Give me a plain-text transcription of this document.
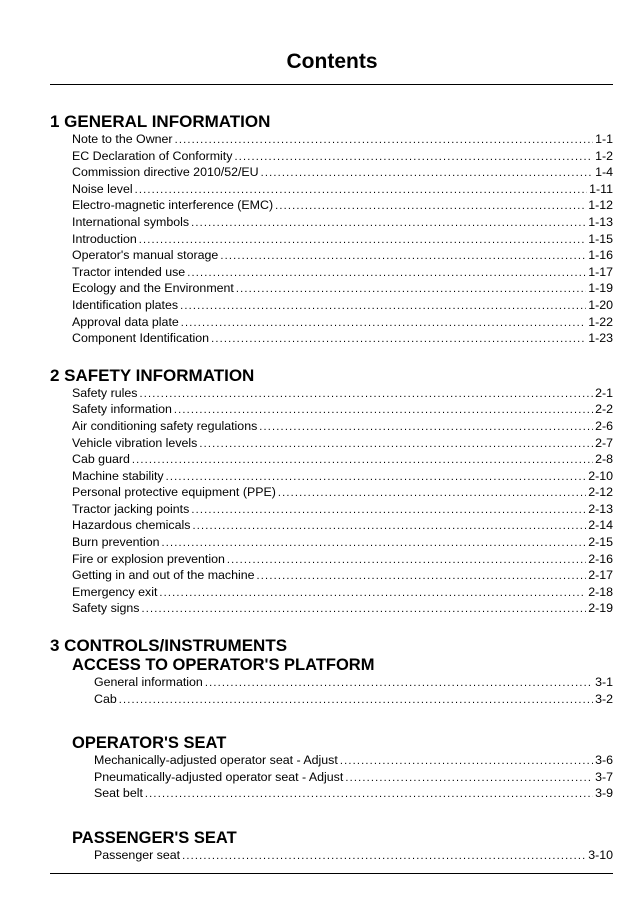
Contents
1 GENERAL INFORMATION
Note to the Owner .....	1-1
EC Declaration of Conformity .....	1-2
Commission directive 2010/52/EU .....	1-4
Noise level .....	1-11
Electro-magnetic interference (EMC) .....	1-12
International symbols .....	1-13
Introduction .....	1-15
Operator's manual storage .....	1-16
Tractor intended use .....	1-17
Ecology and the Environment .....	1-19
Identification plates .....	1-20
Approval data plate .....	1-22
Component Identification .....	1-23
2 SAFETY INFORMATION
Safety rules .....	2-1
Safety information .....	2-2
Air conditioning safety regulations .....	2-6
Vehicle vibration levels .....	2-7
Cab guard .....	2-8
Machine stability .....	2-10
Personal protective equipment (PPE) .....	2-12
Tractor jacking points .....	2-13
Hazardous chemicals .....	2-14
Burn prevention .....	2-15
Fire or explosion prevention .....	2-16
Getting in and out of the machine .....	2-17
Emergency exit .....	2-18
Safety signs .....	2-19
3 CONTROLS/INSTRUMENTS
ACCESS TO OPERATOR'S PLATFORM
General information .....	3-1
Cab .....	3-2
OPERATOR'S SEAT
Mechanically-adjusted operator seat - Adjust .....	3-6
Pneumatically-adjusted operator seat - Adjust .....	3-7
Seat belt .....	3-9
PASSENGER'S SEAT
Passenger seat .....	3-10
